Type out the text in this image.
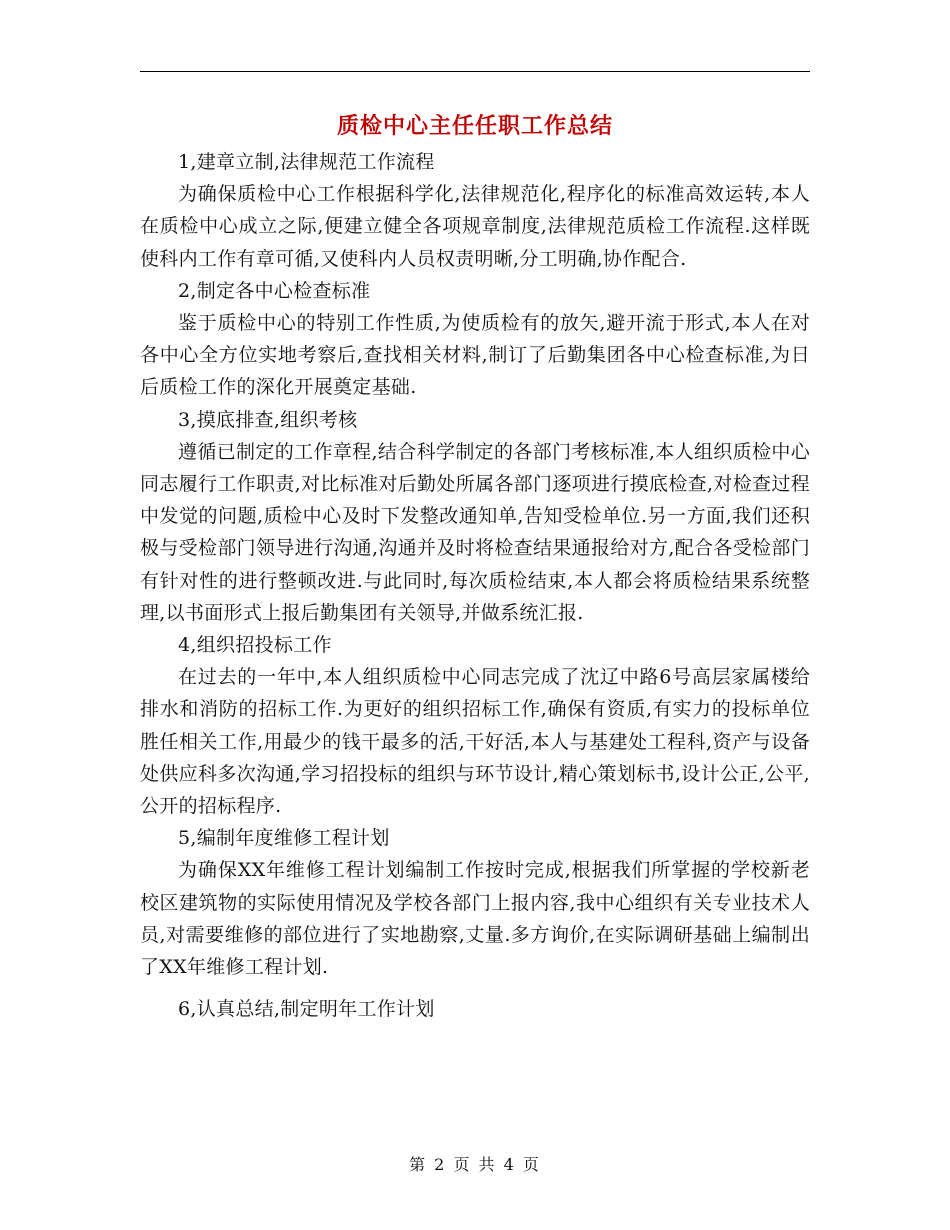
质检中心主任任职工作总结

1,建章立制,法律规范工作流程

为确保质检中心工作根据科学化,法律规范化,程序化的标准高效运转,本人在质检中心成立之际,便建立健全各项规章制度,法律规范质检工作流程.这样既使科内工作有章可循,又使科内人员权责明晰,分工明确,协作配合.

2,制定各中心检查标准

鉴于质检中心的特别工作性质,为使质检有的放矢,避开流于形式,本人在对各中心全方位实地考察后,查找相关材料,制订了后勤集团各中心检查标准,为日后质检工作的深化开展奠定基础.

3,摸底排查,组织考核

遵循已制定的工作章程,结合科学制定的各部门考核标准,本人组织质检中心同志履行工作职责,对比标准对后勤处所属各部门逐项进行摸底检查,对检查过程中发觉的问题,质检中心及时下发整改通知单,告知受检单位.另一方面,我们还积极与受检部门领导进行沟通,沟通并及时将检查结果通报给对方,配合各受检部门有针对性的进行整顿改进.与此同时,每次质检结束,本人都会将质检结果系统整理,以书面形式上报后勤集团有关领导,并做系统汇报.

4,组织招投标工作

在过去的一年中,本人组织质检中心同志完成了沈辽中路6号高层家属楼给排水和消防的招标工作.为更好的组织招标工作,确保有资质,有实力的投标单位胜任相关工作,用最少的钱干最多的活,干好活,本人与基建处工程科,资产与设备处供应科多次沟通,学习招投标的组织与环节设计,精心策划标书,设计公正,公平,公开的招标程序.

5,编制年度维修工程计划

为确保XX年维修工程计划编制工作按时完成,根据我们所掌握的学校新老校区建筑物的实际使用情况及学校各部门上报内容,我中心组织有关专业技术人员,对需要维修的部位进行了实地勘察,丈量.多方询价,在实际调研基础上编制出了XX年维修工程计划.

6,认真总结,制定明年工作计划

第 2 页 共 4 页
